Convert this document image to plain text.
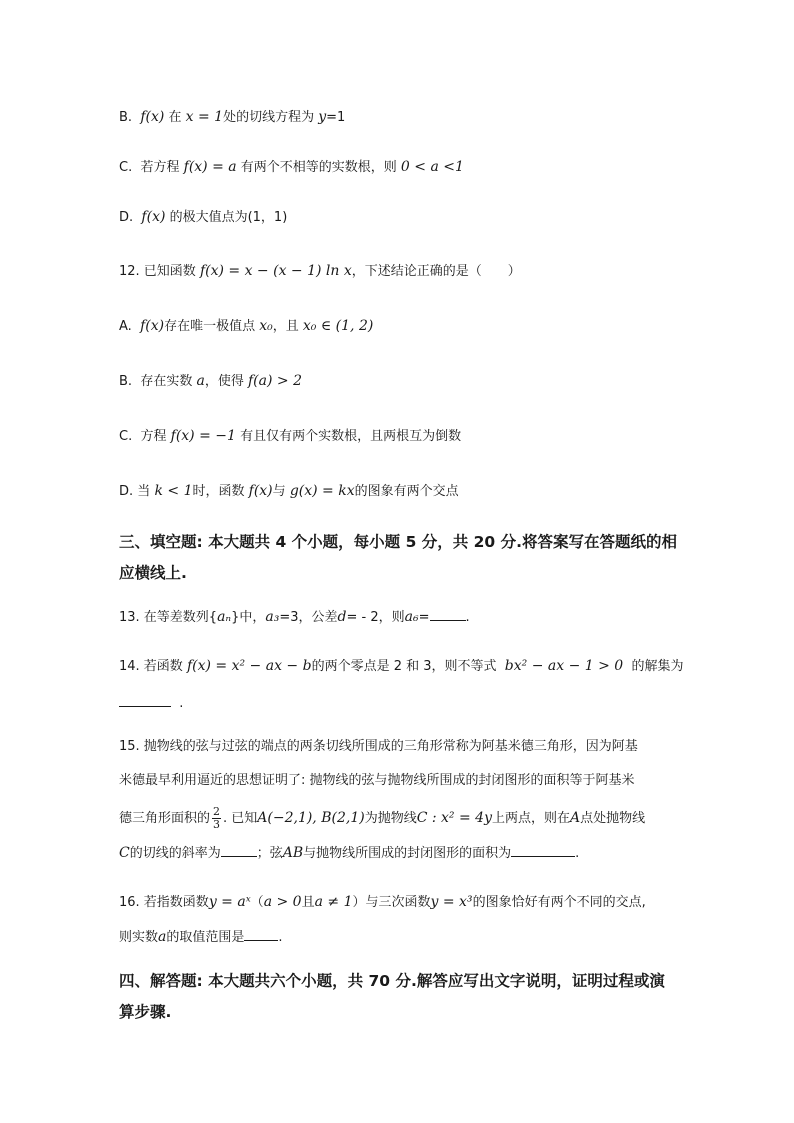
B. f(x) 在 x = 1处的切线方程为 y=1
C. 若方程 f(x) = a 有两个不相等的实数根，则 0 < a <1
D. f(x) 的极大值点为(1，1)
12. 已知函数 f(x) = x − (x − 1) ln x，下述结论正确的是（　　）
A. f(x)存在唯一极值点 x₀，且 x₀ ∈ (1, 2)
B. 存在实数 a，使得 f(a) > 2
C. 方程 f(x) = −1 有且仅有两个实数根，且两根互为倒数
D. 当 k < 1时，函数 f(x)与 g(x) = kx的图象有两个交点
三、填空题: 本大题共 4 个小题，每小题 5 分，共 20 分.将答案写在答题纸的相
应横线上.
13. 在等差数列{aₙ}中，a₃=3，公差d= - 2，则a₆=	.
14. 若函数 f(x) = x² − ax − b的两个零点是 2 和 3，则不等式 bx² − ax − 1 > 0 的解集为
.
15. 抛物线的弦与过弦的端点的两条切线所围成的三角形常称为阿基米德三角形，因为阿基
米德最早利用逼近的思想证明了: 抛物线的弦与抛物线所围成的封闭图形的面积等于阿基米
德三角形面积的 $\frac{2}{3}$ . 已知A(−2,1), B(2,1)为抛物线C : x² = 4y上两点，则在A点处抛物线
C的切线的斜率为	；弦AB与抛物线所围成的封闭图形的面积为	.
16. 若指数函数y = aˣ（a > 0且a ≠ 1）与三次函数y = x³的图象恰好有两个不同的交点,
则实数a的取值范围是	.
四、解答题: 本大题共六个小题，共 70 分.解答应写出文字说明，证明过程或演
算步骤.
